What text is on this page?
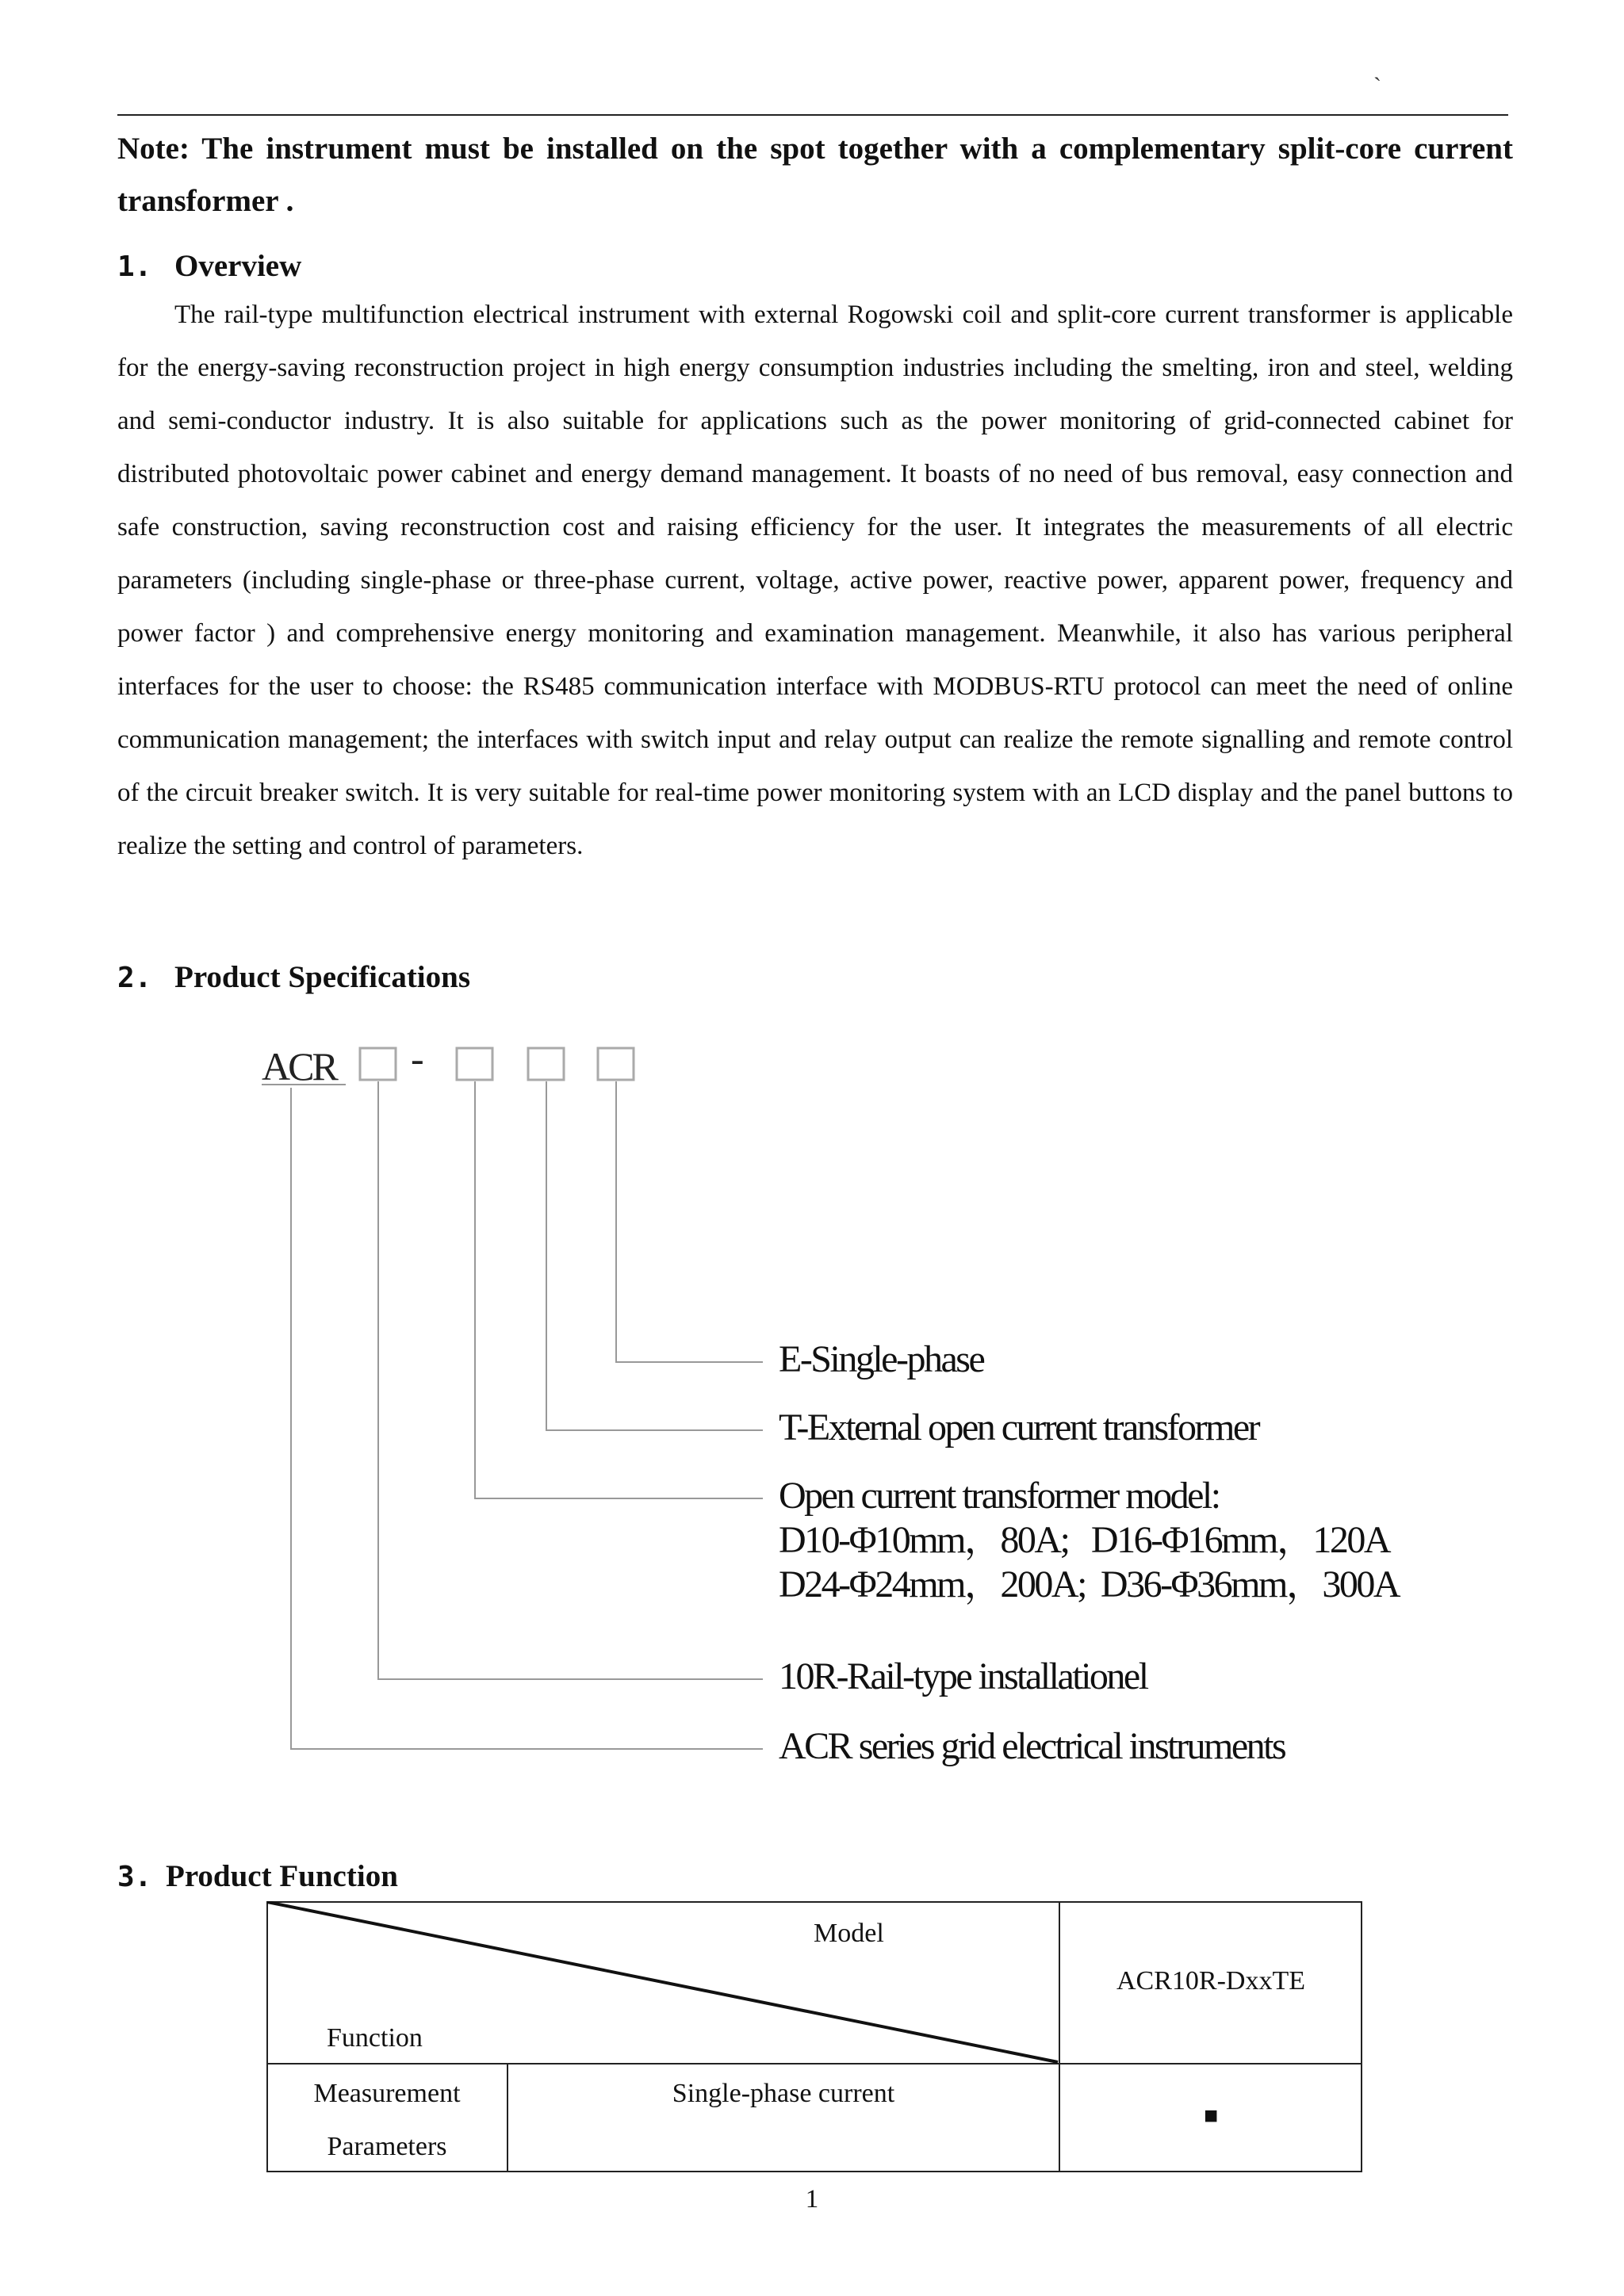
`

Note: The instrument must be installed on the spot together with a complementary split-core current transformer .

1. Overview

The rail-type multifunction electrical instrument with external Rogowski coil and split-core current transformer is applicable for the energy-saving reconstruction project in high energy consumption industries including the smelting, iron and steel, welding and semi-conductor industry. It is also suitable for applications such as the power monitoring of grid-connected cabinet for distributed photovoltaic power cabinet and energy demand management. It boasts of no need of bus removal, easy connection and safe construction, saving reconstruction cost and raising efficiency for the user. It integrates the measurements of all electric parameters (including single-phase or three-phase current, voltage, active power, reactive power, apparent power, frequency and power factor ) and comprehensive energy monitoring and examination management. Meanwhile, it also has various peripheral interfaces for the user to choose: the RS485 communication interface with MODBUS-RTU protocol can meet the need of online communication management; the interfaces with switch input and relay output can realize the remote signalling and remote control of the circuit breaker switch. It is very suitable for real-time power monitoring system with an LCD display and the panel buttons to realize the setting and control of parameters.

2. Product Specifications
ACR -
E-Single-phase
T-External open current transformer
Open current transformer model:
D10-Φ10mm，80A;   D16-Φ16mm，120A
D24-Φ24mm，200A;  D36-Φ36mm，300A
10R-Rail-type installationel
ACR series grid electrical instruments
3. Product Function
Model
Function
ACR10R-DxxTE
Measurement
Parameters
Single-phase current
■
1
